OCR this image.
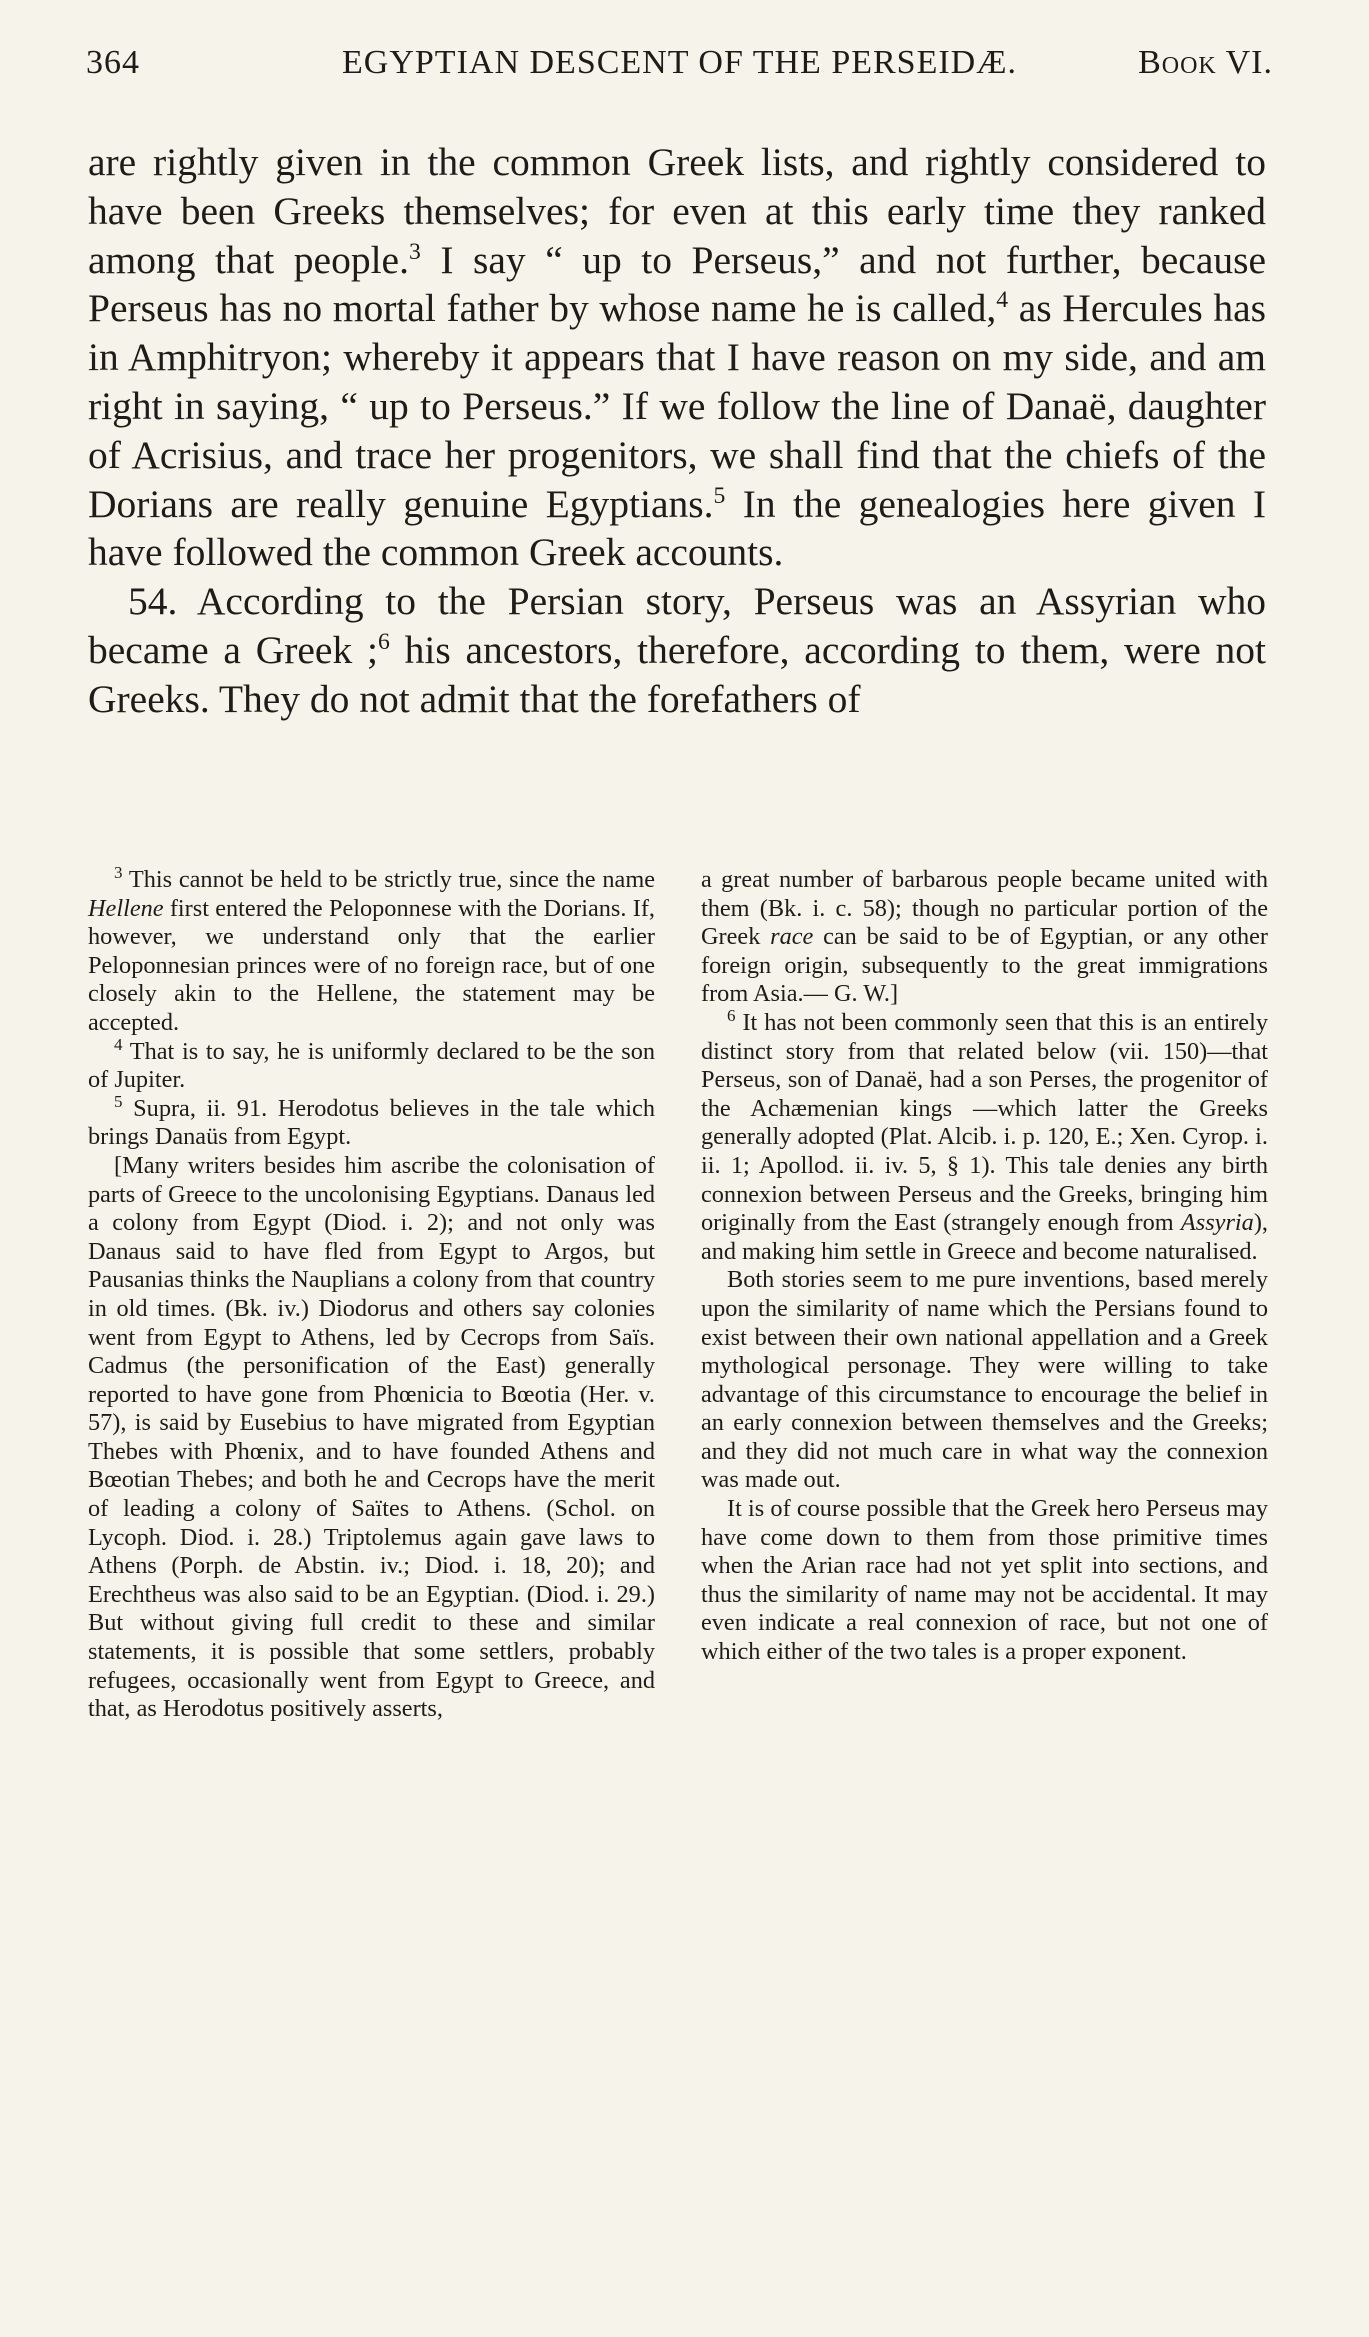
364	EGYPTIAN DESCENT OF THE PERSEIDÆ.	Book VI.

are rightly given in the common Greek lists, and rightly considered to have been Greeks themselves; for even at this early time they ranked among that people.$^3$ I say “ up to Perseus,” and not further, because Perseus has no mortal father by whose name he is called,$^4$ as Hercules has in Amphitryon; whereby it appears that I have reason on my side, and am right in saying, “ up to Perseus.” If we follow the line of Danaë, daughter of Acrisius, and trace her progenitors, we shall find that the chiefs of the Dorians are really genuine Egyptians.$^5$ In the genealogies here given I have followed the common Greek accounts.

54. According to the Persian story, Perseus was an Assyrian who became a Greek ;$^6$ his ancestors, therefore, according to them, were not Greeks. They do not admit that the forefathers of

$^3$ This cannot be held to be strictly true, since the name Hellene first entered the Peloponnese with the Dorians. If, however, we understand only that the earlier Peloponnesian princes were of no foreign race, but of one closely akin to the Hellene, the statement may be accepted.

$^4$ That is to say, he is uniformly declared to be the son of Jupiter.

$^5$ Supra, ii. 91. Herodotus believes in the tale which brings Danaüs from Egypt.

[Many writers besides him ascribe the colonisation of parts of Greece to the uncolonising Egyptians. Danaus led a colony from Egypt (Diod. i. 2); and not only was Danaus said to have fled from Egypt to Argos, but Pausanias thinks the Nauplians a colony from that country in old times. (Bk. iv.) Diodorus and others say colonies went from Egypt to Athens, led by Cecrops from Saïs. Cadmus (the personification of the East) generally reported to have gone from Phœnicia to Bœotia (Her. v. 57), is said by Eusebius to have migrated from Egyptian Thebes with Phœnix, and to have founded Athens and Bœotian Thebes; and both he and Cecrops have the merit of leading a colony of Saïtes to Athens. (Schol. on Lycoph. Diod. i. 28.) Triptolemus again gave laws to Athens (Porph. de Abstin. iv.; Diod. i. 18, 20); and Erechtheus was also said to be an Egyptian. (Diod. i. 29.) But without giving full credit to these and similar statements, it is possible that some settlers, probably refugees, occasionally went from Egypt to Greece, and that, as Herodotus positively asserts,

a great number of barbarous people became united with them (Bk. i. c. 58); though no particular portion of the Greek race can be said to be of Egyptian, or any other foreign origin, subsequently to the great immigrations from Asia.— G. W.]

$^6$ It has not been commonly seen that this is an entirely distinct story from that related below (vii. 150)—that Perseus, son of Danaë, had a son Perses, the progenitor of the Achæmenian kings —which latter the Greeks generally adopted (Plat. Alcib. i. p. 120, E.; Xen. Cyrop. i. ii. 1; Apollod. ii. iv. 5, § 1). This tale denies any birth connexion between Perseus and the Greeks, bringing him originally from the East (strangely enough from Assyria), and making him settle in Greece and become naturalised.

Both stories seem to me pure inventions, based merely upon the similarity of name which the Persians found to exist between their own national appellation and a Greek mythological personage. They were willing to take advantage of this circumstance to encourage the belief in an early connexion between themselves and the Greeks; and they did not much care in what way the connexion was made out.

It is of course possible that the Greek hero Perseus may have come down to them from those primitive times when the Arian race had not yet split into sections, and thus the similarity of name may not be accidental. It may even indicate a real connexion of race, but not one of which either of the two tales is a proper exponent.
